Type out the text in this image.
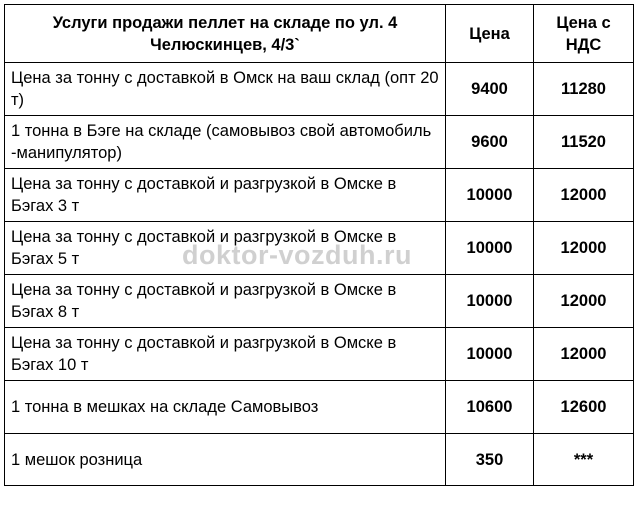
Услуги продажи пеллет на складе по ул. 4 Челюскинцев, 4/3`	Цена	Цена с НДС
Цена за тонну с доставкой в Омск на ваш склад (опт 20 т)	9400	11280
1 тонна в Бэге на складе (самовывоз свой автомобиль -манипулятор)	9600	11520
Цена за тонну с доставкой и разгрузкой в Омске в Бэгах 3 т	10000	12000
Цена за тонну с доставкой и разгрузкой в Омске в Бэгах 5 т	10000	12000
Цена за тонну с доставкой и разгрузкой в Омске в Бэгах 8 т	10000	12000
Цена за тонну с доставкой и разгрузкой в Омске в Бэгах 10 т	10000	12000
1 тонна в мешках на складе Самовывоз	10600	12600
1 мешок розница	350	***
doktor-vozduh.ru
